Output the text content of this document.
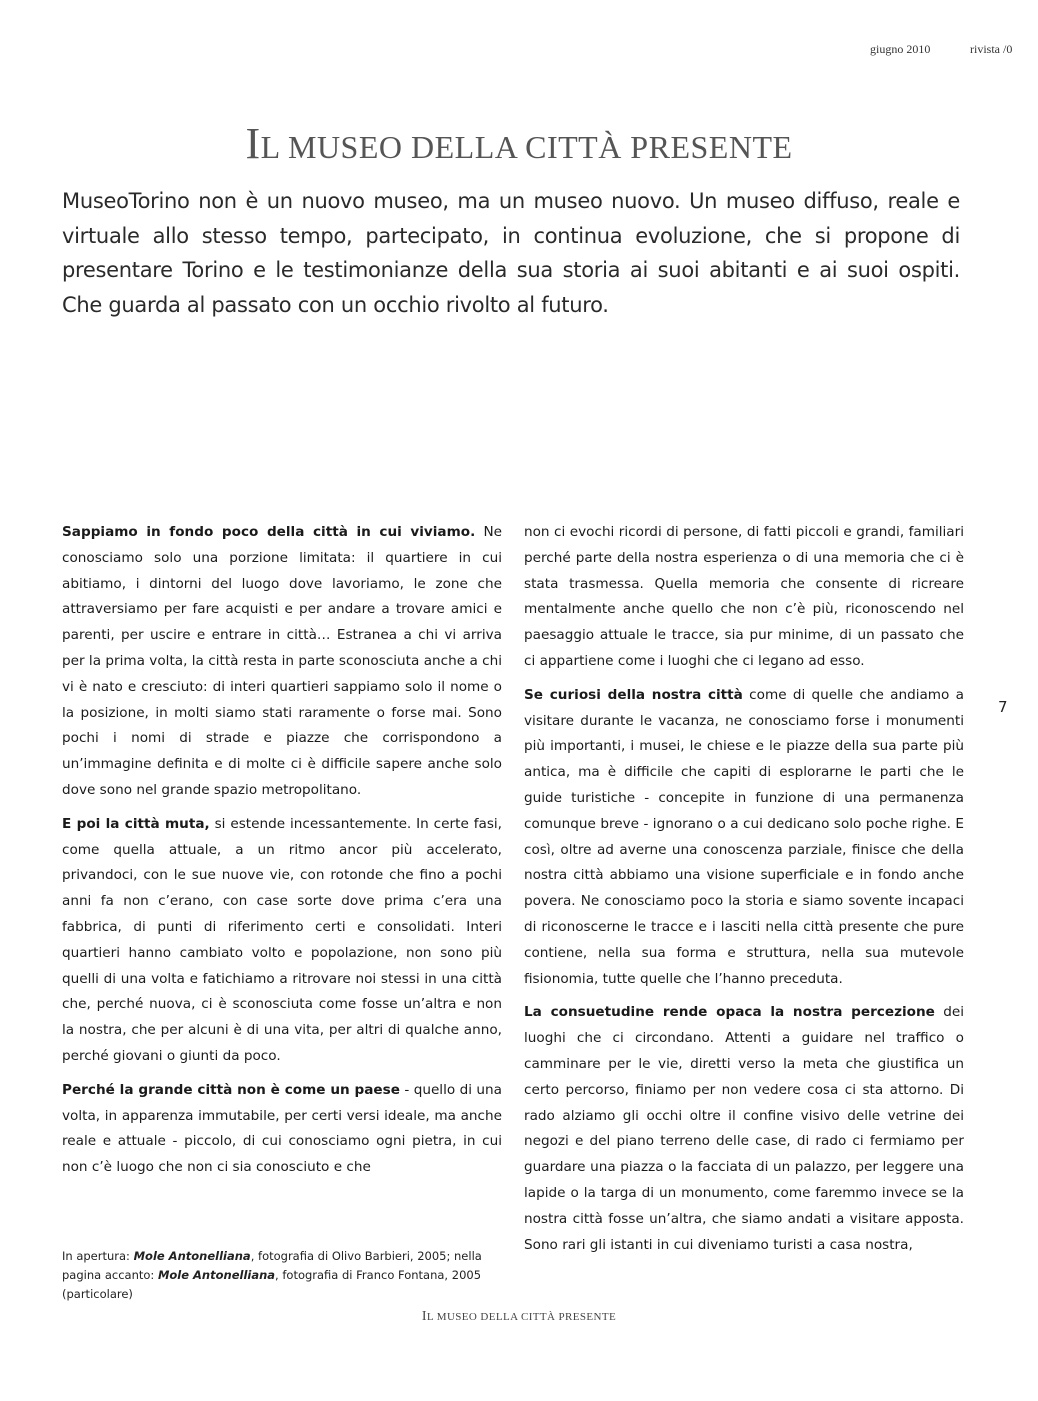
giugno 2010	rivista /0
IL MUSEO DELLA CITTÀ PRESENTE

MuseoTorino non è un nuovo museo, ma un museo nuovo. Un museo diffuso, reale e virtuale allo stesso tempo, partecipato, in continua evoluzione, che si propone di presentare Torino e le testimonianze della sua storia ai suoi abitanti e ai suoi ospiti. Che guarda al passato con un occhio rivolto al futuro.

Sappiamo in fondo poco della città in cui viviamo. Ne conosciamo solo una porzione limitata: il quartiere in cui abitiamo, i dintorni del luogo dove lavoriamo, le zone che attraversiamo per fare acquisti e per andare a trovare amici e parenti, per uscire e entrare in città… Estranea a chi vi arriva per la prima volta, la città resta in parte sconosciuta anche a chi vi è nato e cresciuto: di interi quartieri sappiamo solo il nome o la posizione, in molti siamo stati raramente o forse mai. Sono pochi i nomi di strade e piazze che corrispondono a un’immagine definita e di molte ci è difficile sapere anche solo dove sono nel grande spazio metropolitano.

E poi la città muta, si estende incessantemente. In certe fasi, come quella attuale, a un ritmo ancor più accelerato, privandoci, con le sue nuove vie, con rotonde che fino a pochi anni fa non c’erano, con case sorte dove prima c’era una fabbrica, di punti di riferimento certi e consolidati. Interi quartieri hanno cambiato volto e popolazione, non sono più quelli di una volta e fatichiamo a ritrovare noi stessi in una città che, perché nuova, ci è sconosciuta come fosse un’altra e non la nostra, che per alcuni è di una vita, per altri di qualche anno, perché giovani o giunti da poco.

Perché la grande città non è come un paese - quello di una volta, in apparenza immutabile, per certi versi ideale, ma anche reale e attuale - piccolo, di cui conosciamo ogni pietra, in cui non c’è luogo che non ci sia conosciuto e che

non ci evochi ricordi di persone, di fatti piccoli e grandi, familiari perché parte della nostra esperienza o di una memoria che ci è stata trasmessa. Quella memoria che consente di ricreare mentalmente anche quello che non c’è più, riconoscendo nel paesaggio attuale le tracce, sia pur minime, di un passato che ci appartiene come i luoghi che ci legano ad esso.

Se curiosi della nostra città come di quelle che andiamo a visitare durante le vacanza, ne conosciamo forse i monumenti più importanti, i musei, le chiese e le piazze della sua parte più antica, ma è difficile che capiti di esplorarne le parti che le guide turistiche - concepite in funzione di una permanenza comunque breve - ignorano o a cui dedicano solo poche righe. E così, oltre ad averne una conoscenza parziale, finisce che della nostra città abbiamo una visione superficiale e in fondo anche povera. Ne conosciamo poco la storia e siamo sovente incapaci di riconoscerne le tracce e i lasciti nella città presente che pure contiene, nella sua forma e struttura, nella sua mutevole fisionomia, tutte quelle che l’hanno preceduta.

La consuetudine rende opaca la nostra percezione dei luoghi che ci circondano. Attenti a guidare nel traffico o camminare per le vie, diretti verso la meta che giustifica un certo percorso, finiamo per non vedere cosa ci sta attorno. Di rado alziamo gli occhi oltre il confine visivo delle vetrine dei negozi e del piano terreno delle case, di rado ci fermiamo per guardare una piazza o la facciata di un palazzo, per leggere una lapide o la targa di un monumento, come faremmo invece se la nostra città fosse un’altra, che siamo andati a visitare apposta. Sono rari gli istanti in cui diveniamo turisti a casa nostra,

In apertura: Mole Antonelliana, fotografia di Olivo Barbieri, 2005; nella pagina accanto: Mole Antonelliana, fotografia di Franco Fontana, 2005 (particolare)
7
IL MUSEO DELLA CITTÀ PRESENTE
